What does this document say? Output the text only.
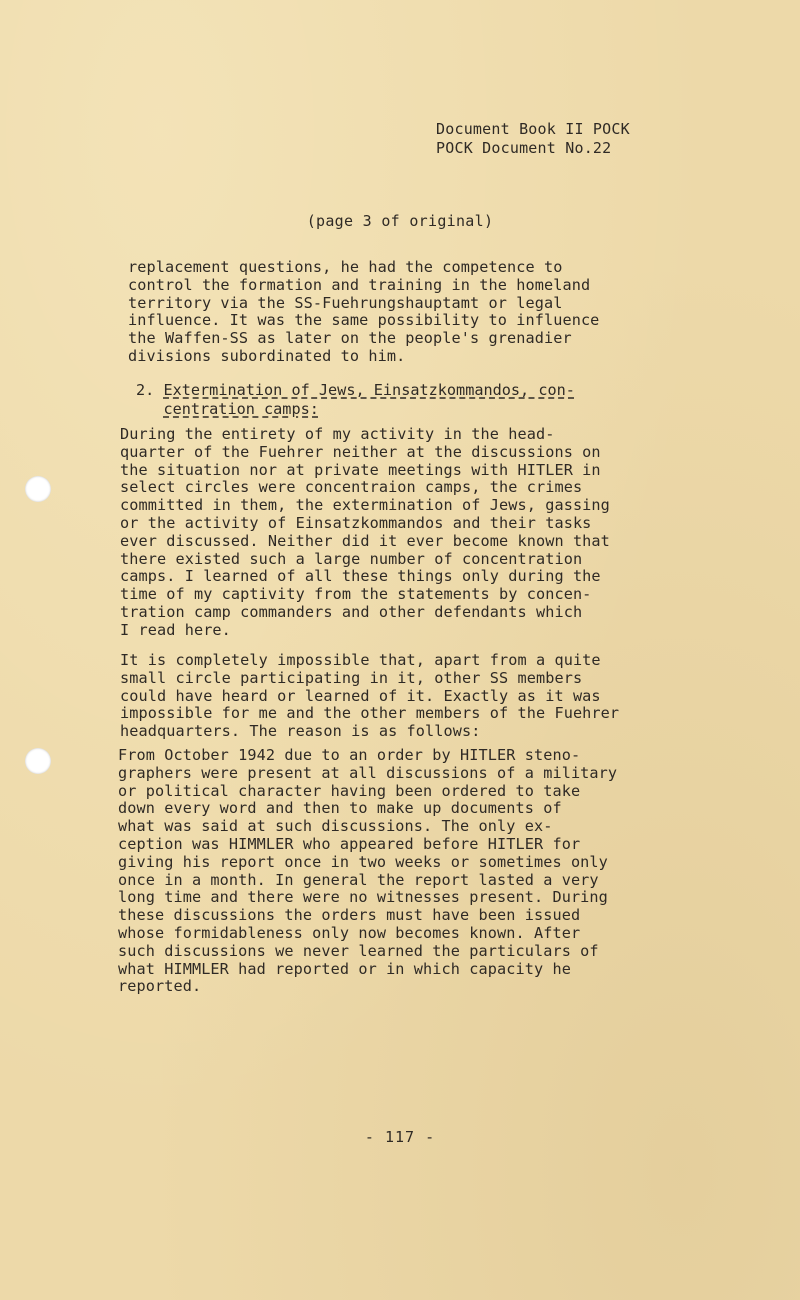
Document Book II POCK
POCK Document No.22
(page 3 of original)
replacement questions, he had the competence to
control the formation and training in the homeland
territory via the SS-Fuehrungshauptamt or legal
influence. It was the same possibility to influence
the Waffen-SS as later on the people's grenadier
divisions subordinated to him.
2. Extermination of Jews, Einsatzkommandos, con-
centration camps:
During the entirety of my activity in the head-
quarter of the Fuehrer neither at the discussions on
the situation nor at private meetings with HITLER in
select circles were concentraion camps, the crimes
committed in them, the extermination of Jews, gassing
or the activity of Einsatzkommandos and their tasks
ever discussed. Neither did it ever become known that
there existed such a large number of concentration
camps. I learned of all these things only during the
time of my captivity from the statements by concen-
tration camp commanders and other defendants which
I read here.
It is completely impossible that, apart from a quite
small circle participating in it, other SS members
could have heard or learned of it. Exactly as it was
impossible for me and the other members of the Fuehrer
headquarters. The reason is as follows:
From October 1942 due to an order by HITLER steno-
graphers were present at all discussions of a military
or political character having been ordered to take
down every word and then to make up documents of
what was said at such discussions. The only ex-
ception was HIMMLER who appeared before HITLER for
giving his report once in two weeks or sometimes only
once in a month. In general the report lasted a very
long time and there were no witnesses present. During
these discussions the orders must have been issued
whose formidableness only now becomes known. After
such discussions we never learned the particulars of
what HIMMLER had reported or in which capacity he
reported.
- 117 -
